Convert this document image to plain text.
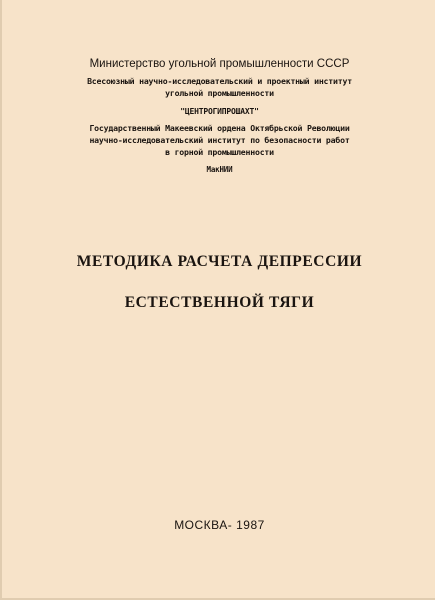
Министерство угольной промышленности СССР
Всесоюзный научно-исследовательский и проектный институт
угольной промышленности
"ЦЕНТРОГИПРОШАХТ"
Государственный Макеевский ордена Октябрьской Революции
научно-исследовательский институт по безопасности работ
в горной промышленности
МакНИИ
МЕТОДИКА РАСЧЕТА ДЕПРЕССИИ
ЕСТЕСТВЕННОЙ ТЯГИ
МОСКВА- 1987
